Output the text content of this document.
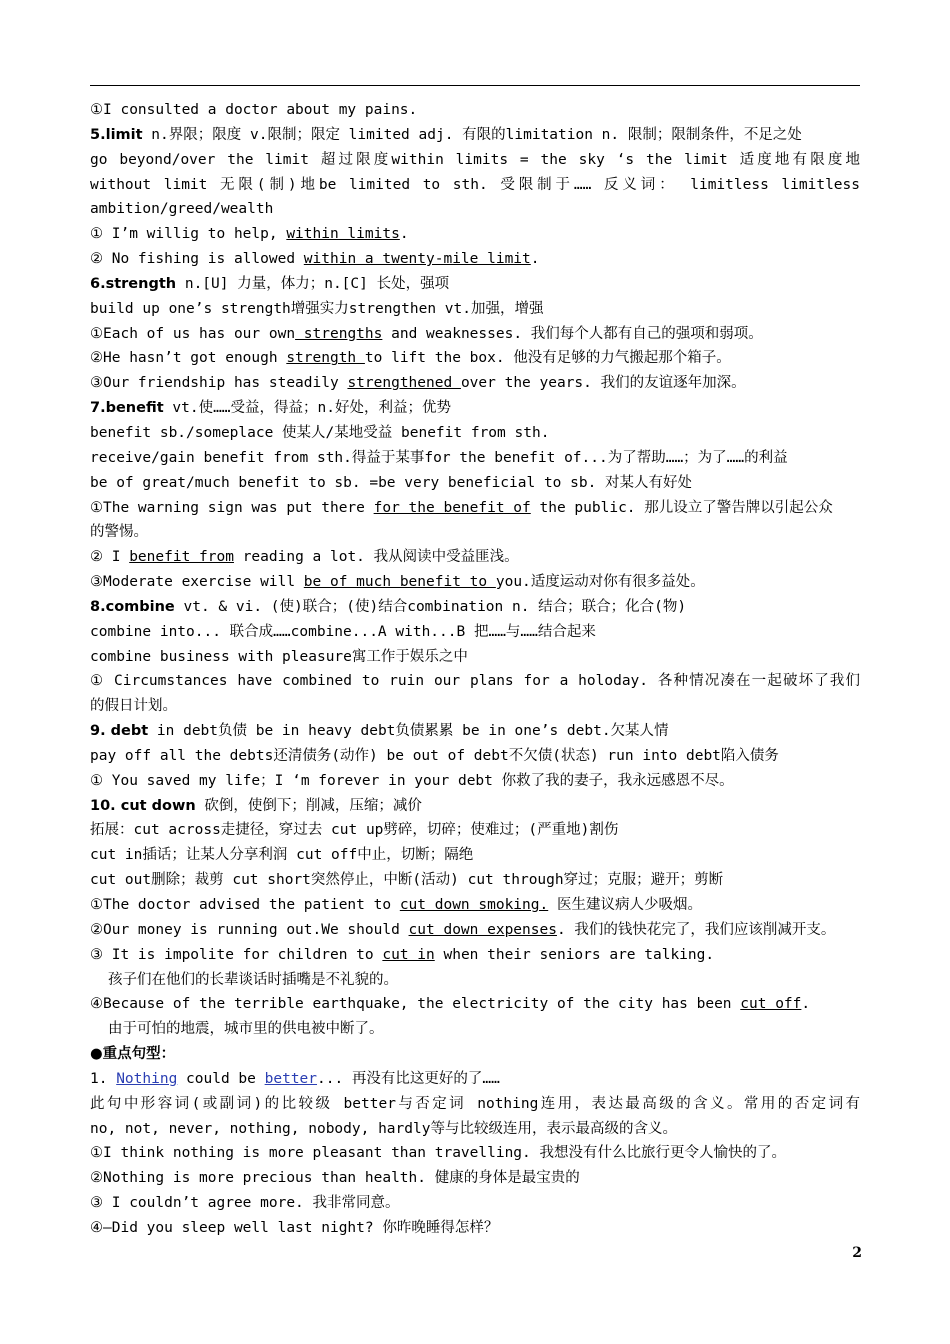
①I consulted a doctor about my pains.
5.limit n.界限；限度 v.限制；限定 limited adj. 有限的limitation n. 限制；限制条件，不足之处
go beyond/over the limit 超过限度within limits = the sky ‘s the limit 适度地有限度地
without limit 无限(制)地be limited to sth. 受限制于…… 反义词： limitless limitless
ambition/greed/wealth
① I’m willig to help, within limits.
② No fishing is allowed within a twenty-mile limit.
6.strength n.[U] 力量，体力；n.[C] 长处，强项
build up one’s strength增强实力strengthen vt.加强，增强
①Each of us has our own strengths and weaknesses. 我们每个人都有自己的强项和弱项。
②He hasn’t got enough strength to lift the box. 他没有足够的力气搬起那个箱子。
③Our friendship has steadily strengthened over the years. 我们的友谊逐年加深。
7.benefit vt.使……受益，得益；n.好处，利益；优势
benefit sb./someplace 使某人/某地受益 benefit from sth.
receive/gain benefit from sth.得益于某事for the benefit of...为了帮助……；为了……的利益
be of great/much benefit to sb. =be very beneficial to sb. 对某人有好处
①The warning sign was put there for the benefit of the public. 那儿设立了警告牌以引起公众
的警惕。
② I benefit from reading a lot. 我从阅读中受益匪浅。
③Moderate exercise will be of much benefit to you.适度运动对你有很多益处。
8.combine vt. & vi. (使)联合；(使)结合combination n. 结合；联合；化合(物)
combine into... 联合成……combine...A with...B 把……与……结合起来
combine business with pleasure寓工作于娱乐之中
① Circumstances have combined to ruin our plans for a holoday. 各种情况凑在一起破坏了我们
的假日计划。
9. debt in debt负债 be in heavy debt负债累累 be in one’s debt.欠某人情
pay off all the debts还清债务(动作) be out of debt不欠债(状态) run into debt陷入债务
① You saved my life；I ‘m forever in your debt 你救了我的妻子，我永远感恩不尽。
10. cut down 砍倒，使倒下；削减，压缩；减价
拓展：cut across走捷径，穿过去 cut up劈碎，切碎；使难过；(严重地)割伤
cut in插话；让某人分享利润 cut off中止，切断；隔绝
cut out删除；裁剪 cut short突然停止，中断(活动) cut through穿过；克服；避开；剪断
①The doctor advised the patient to cut down smoking. 医生建议病人少吸烟。
②Our money is running out.We should cut down expenses. 我们的钱快花完了，我们应该削减开支。
③ It is impolite for children to cut in when their seniors are talking.
孩子们在他们的长辈谈话时插嘴是不礼貌的。
④Because of the terrible earthquake, the electricity of the city has been cut off.
由于可怕的地震，城市里的供电被中断了。
●重点句型：
1. Nothing could be better... 再没有比这更好的了……
此句中形容词(或副词)的比较级 better与否定词 nothing连用，表达最高级的含义。常用的否定词有
no, not, never, nothing, nobody, hardly等与比较级连用，表示最高级的含义。
①I think nothing is more pleasant than travelling. 我想没有什么比旅行更令人愉快的了。
②Nothing is more precious than health. 健康的身体是最宝贵的
③ I couldn’t agree more. 我非常同意。
④—Did you sleep well last night? 你昨晚睡得怎样？
2
